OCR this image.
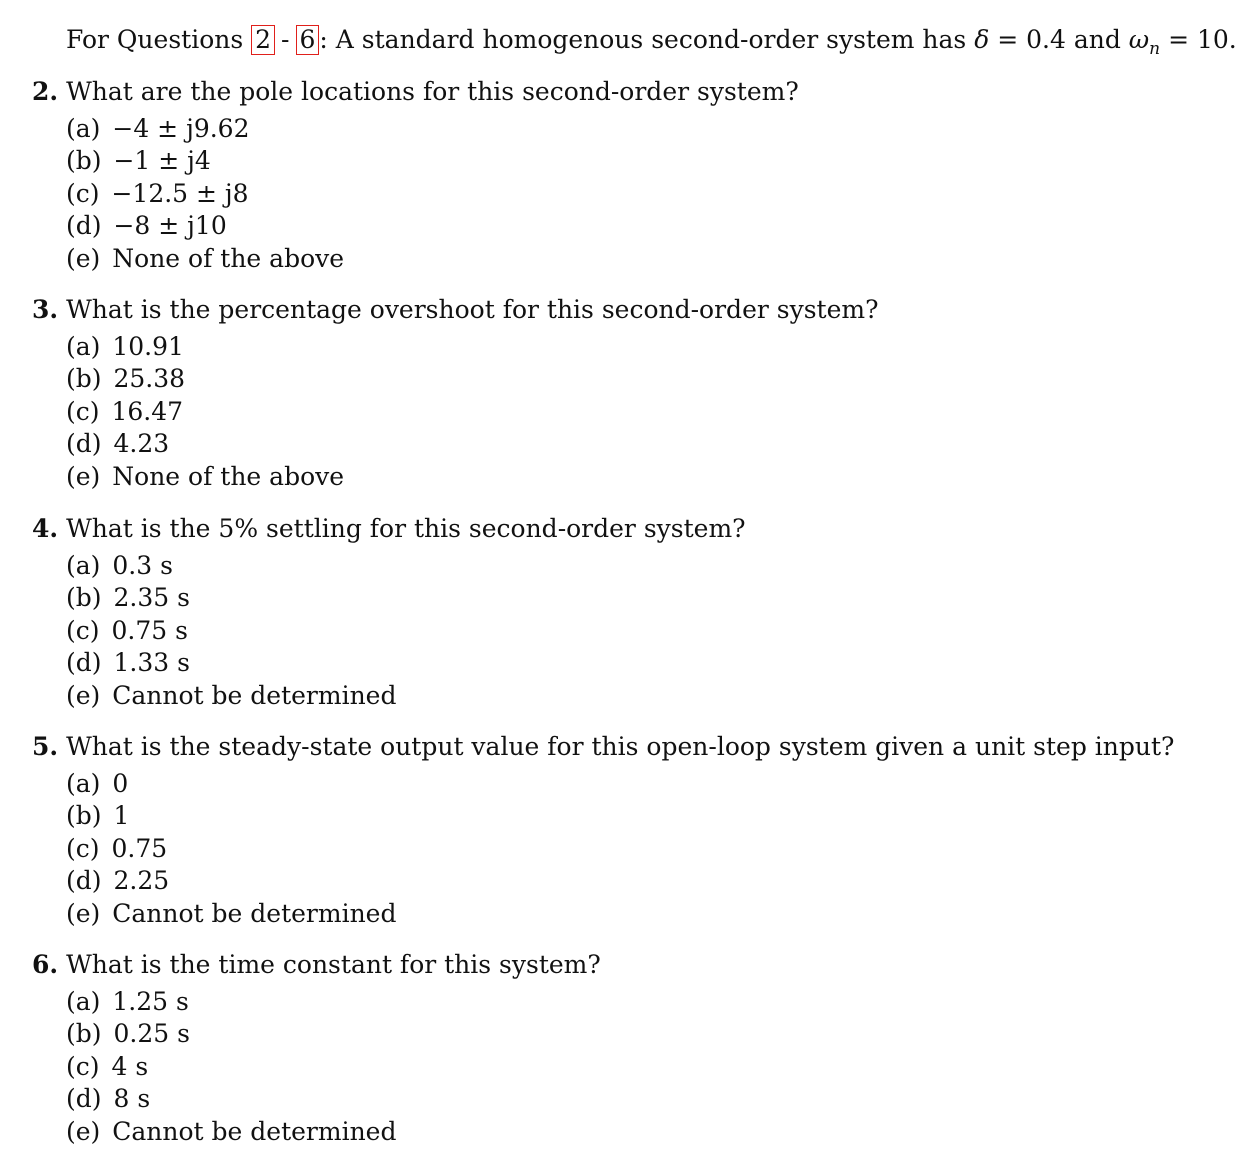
For Questions 2 - 6 : A standard homogenous second-order system has δ = 0.4 and $\omega_n = 10$.
2. What are the pole locations for this second-order system?
(a) −4 ± j9.62
(b) −1 ± j4
(c) −12.5 ± j8
(d) −8 ± j10
(e) None of the above
3. What is the percentage overshoot for this second-order system?
(a) 10.91
(b) 25.38
(c) 16.47
(d) 4.23
(e) None of the above
4. What is the 5% settling for this second-order system?
(a) 0.3 s
(b) 2.35 s
(c) 0.75 s
(d) 1.33 s
(e) Cannot be determined
5. What is the steady-state output value for this open-loop system given a unit step input?
(a) 0
(b) 1
(c) 0.75
(d) 2.25
(e) Cannot be determined
6. What is the time constant for this system?
(a) 1.25 s
(b) 0.25 s
(c) 4 s
(d) 8 s
(e) Cannot be determined
